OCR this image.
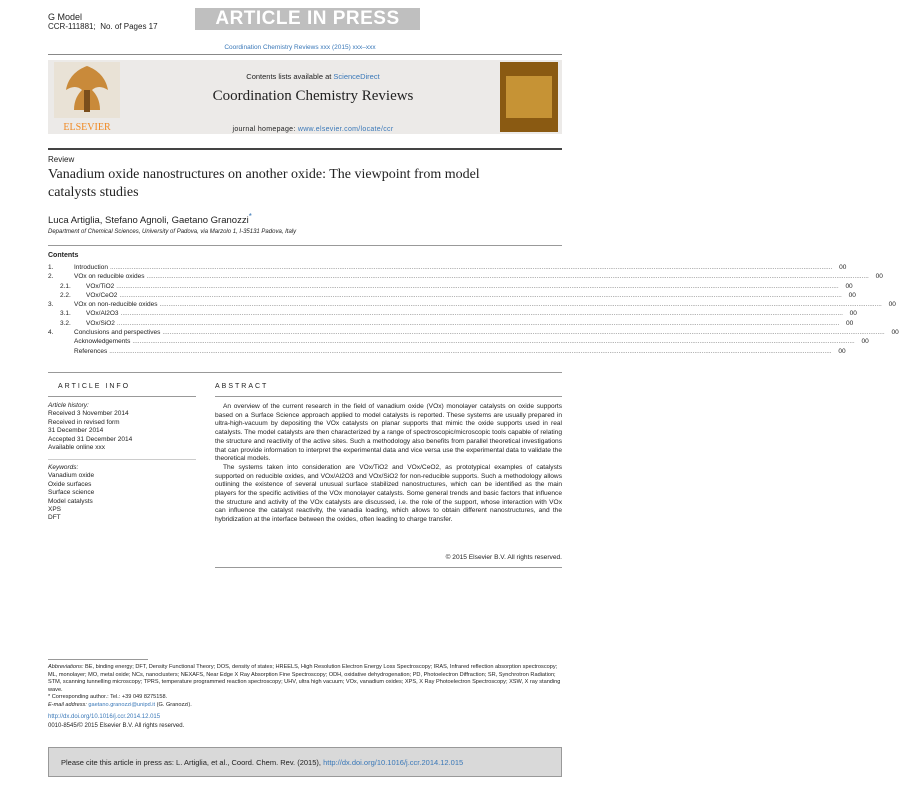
G Model
CCR-111881; No. of Pages 17	ARTICLE IN PRESS
Coordination Chemistry Reviews xxx (2015) xxx–xxx
ELSEVIER
Contents lists available at ScienceDirect
Coordination Chemistry Reviews
journal homepage: www.elsevier.com/locate/ccr
Review
Vanadium oxide nanostructures on another oxide: The viewpoint from model catalysts studies
Luca Artiglia, Stefano Agnoli, Gaetano Granozzi*
Department of Chemical Sciences, University of Padova, via Marzolo 1, I-35131 Padova, Italy
Contents
1.	Introduction ................................................................................................................................................................................................................................................................................................................................................................................................................	00
2.	VOx on reducible oxides ................................................................................................................................................................................................................................................................................................................................................................................................................	00
2.1.	VOx/TiO2 ................................................................................................................................................................................................................................................................................................................................................................................................................	00
2.2.	VOx/CeO2 ................................................................................................................................................................................................................................................................................................................................................................................................................	00
3.	VOx on non-reducible oxides ................................................................................................................................................................................................................................................................................................................................................................................................................	00
3.1.	VOx/Al2O3 ................................................................................................................................................................................................................................................................................................................................................................................................................	00
3.2.	VOx/SiO2 ................................................................................................................................................................................................................................................................................................................................................................................................................	00
4.	Conclusions and perspectives ................................................................................................................................................................................................................................................................................................................................................................................................................	00
Acknowledgements ................................................................................................................................................................................................................................................................................................................................................................................................................	00
References ................................................................................................................................................................................................................................................................................................................................................................................................................	00
ARTICLE INFO	ABSTRACT
Article history:
Received 3 November 2014
Received in revised form
31 December 2014
Accepted 31 December 2014
Available online xxx
Keywords:
Vanadium oxide
Oxide surfaces
Surface science
Model catalysts
XPS
DFT

An overview of the current research in the field of vanadium oxide (VOx) monolayer catalysts on oxide supports based on a Surface Science approach applied to model catalysts is reported. These systems are usually prepared in ultra-high-vacuum by depositing the VOx catalysts on planar supports that mimic the oxide supports used in real catalysts. The model catalysts are then characterized by a range of spectroscopic/microscopic tools capable of relating the structure and reactivity of the active sites. Such a methodology also benefits from parallel theoretical investigations that can provide information to interpret the experimental data and vice versa use the experimental data to validate the theoretical models.

The systems taken into consideration are VOx/TiO2 and VOx/CeO2, as prototypical examples of catalysts supported on reducible oxides, and VOx/Al2O3 and VOx/SiO2 for non-reducible supports. Such a methodology allows outlining the existence of several unusual surface stabilized nanostructures, which can be identified as the main players for the specific activities of the VOx monolayer catalysts. Some general trends and basic factors that influence the structure and activity of the VOx catalysts are discussed, i.e. the role of the support, whose interaction with VOx can influence the catalyst reactivity, the vanadia loading, which allows to obtain different nanostructures, and the hybridization at the interface between the oxides, often leading to charge transfer.

© 2015 Elsevier B.V. All rights reserved.
Abbreviations: BE, binding energy; DFT, Density Functional Theory; DOS, density of states; HREELS, High Resolution Electron Energy Loss Spectroscopy; IRAS, Infrared reflection absorption spectroscopy; ML, monolayer; MO, metal oxide; NCs, nanoclusters; NEXAFS, Near Edge X Ray Absorption Fine Spectroscopy; ODH, oxidative dehydrogenation; PD, Photoelectron Diffraction; SR, Synchrotron Radiation; STM, scanning tunnelling microscopy; TPRS, temperature programmed reaction spectroscopy; UHV, ultra high vacuum; VOx, vanadium oxides; XPS, X Ray Photoelectron Spectroscopy; XSW, X ray standing wave.
* Corresponding author.: Tel.: +39 049 8275158.
E-mail address: gaetano.granozzi@unipd.it (G. Granozzi).
http://dx.doi.org/10.1016/j.ccr.2014.12.015
0010-8545/© 2015 Elsevier B.V. All rights reserved.
Please cite this article in press as: L. Artiglia, et al., Coord. Chem. Rev. (2015), http://dx.doi.org/10.1016/j.ccr.2014.12.015
